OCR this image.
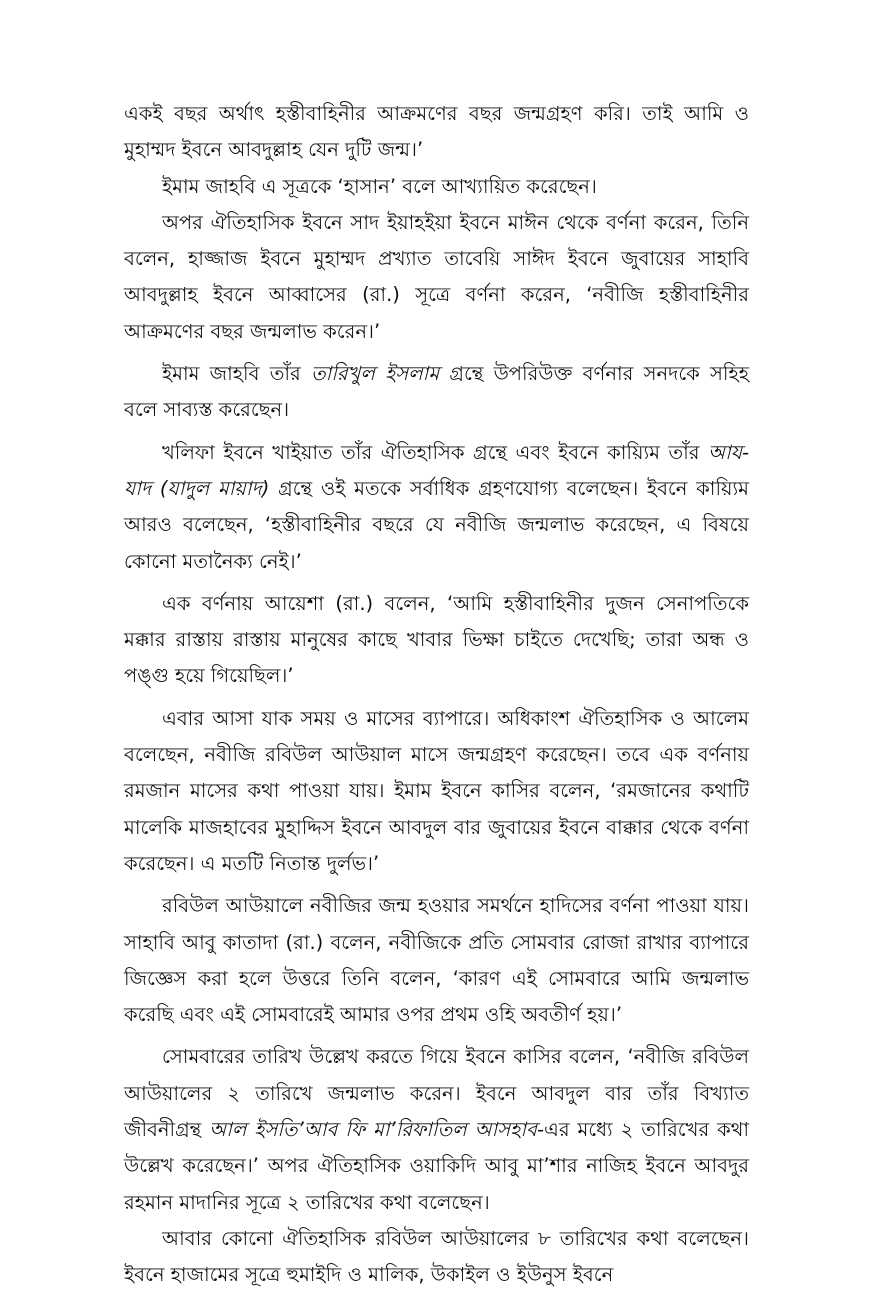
একই বছর অর্থাৎ হস্তীবাহিনীর আক্রমণের বছর জন্মগ্রহণ করি। তাই আমি ও মুহাম্মদ ইবনে আবদুল্লাহ যেন দুটি জন্ম।’

ইমাম জাহবি এ সূত্রকে ‘হাসান’ বলে আখ্যায়িত করেছেন।

অপর ঐতিহাসিক ইবনে সাদ ইয়াহইয়া ইবনে মাঈন থেকে বর্ণনা করেন, তিনি বলেন, হাজ্জাজ ইবনে মুহাম্মদ প্রখ্যাত তাবেয়ি সাঈদ ইবনে জুবায়ের সাহাবি আবদুল্লাহ ইবনে আব্বাসের (রা.) সূত্রে বর্ণনা করেন, ‘নবীজি হস্তীবাহিনীর আক্রমণের বছর জন্মলাভ করেন।’

ইমাম জাহবি তাঁর তারিখুল ইসলাম গ্রন্থে উপরিউক্ত বর্ণনার সনদকে সহিহ বলে সাব্যস্ত করেছেন।

খলিফা ইবনে খাইয়াত তাঁর ঐতিহাসিক গ্রন্থে এবং ইবনে কায়্যিম তাঁর আয-যাদ (যাদুল মায়াদ) গ্রন্থে ওই মতকে সর্বাধিক গ্রহণযোগ্য বলেছেন। ইবনে কায়্যিম আরও বলেছেন, ‘হস্তীবাহিনীর বছরে যে নবীজি জন্মলাভ করেছেন, এ বিষয়ে কোনো মতানৈক্য নেই।’

এক বর্ণনায় আয়েশা (রা.) বলেন, ‘আমি হস্তীবাহিনীর দুজন সেনাপতিকে মক্কার রাস্তায় রাস্তায় মানুষের কাছে খাবার ভিক্ষা চাইতে দেখেছি; তারা অন্ধ ও পঙ্গু হয়ে গিয়েছিল।’

এবার আসা যাক সময় ও মাসের ব্যাপারে। অধিকাংশ ঐতিহাসিক ও আলেম বলেছেন, নবীজি রবিউল আউয়াল মাসে জন্মগ্রহণ করেছেন। তবে এক বর্ণনায় রমজান মাসের কথা পাওয়া যায়। ইমাম ইবনে কাসির বলেন, ‘রমজানের কথাটি মালেকি মাজহাবের মুহাদ্দিস ইবনে আবদুল বার জুবায়ের ইবনে বাক্কার থেকে বর্ণনা করেছেন। এ মতটি নিতান্ত দুর্লভ।’

রবিউল আউয়ালে নবীজির জন্ম হওয়ার সমর্থনে হাদিসের বর্ণনা পাওয়া যায়। সাহাবি আবু কাতাদা (রা.) বলেন, নবীজিকে প্রতি সোমবার রোজা রাখার ব্যাপারে জিজ্ঞেস করা হলে উত্তরে তিনি বলেন, ‘কারণ এই সোমবারে আমি জন্মলাভ করেছি এবং এই সোমবারেই আমার ওপর প্রথম ওহি অবতীর্ণ হয়।’

সোমবারের তারিখ উল্লেখ করতে গিয়ে ইবনে কাসির বলেন, ‘নবীজি রবিউল আউয়ালের ২ তারিখে জন্মলাভ করেন। ইবনে আবদুল বার তাঁর বিখ্যাত জীবনীগ্রন্থ আল ইসতি’আব ফি মা’রিফাতিল আসহাব-এর মধ্যে ২ তারিখের কথা উল্লেখ করেছেন।’ অপর ঐতিহাসিক ওয়াকিদি আবু মা’শার নাজিহ ইবনে আবদুর রহমান মাদানির সূত্রে ২ তারিখের কথা বলেছেন।

আবার কোনো ঐতিহাসিক রবিউল আউয়ালের ৮ তারিখের কথা বলেছেন। ইবনে হাজামের সূত্রে হুমাইদি ও মালিক, উকাইল ও ইউনুস ইবনে
